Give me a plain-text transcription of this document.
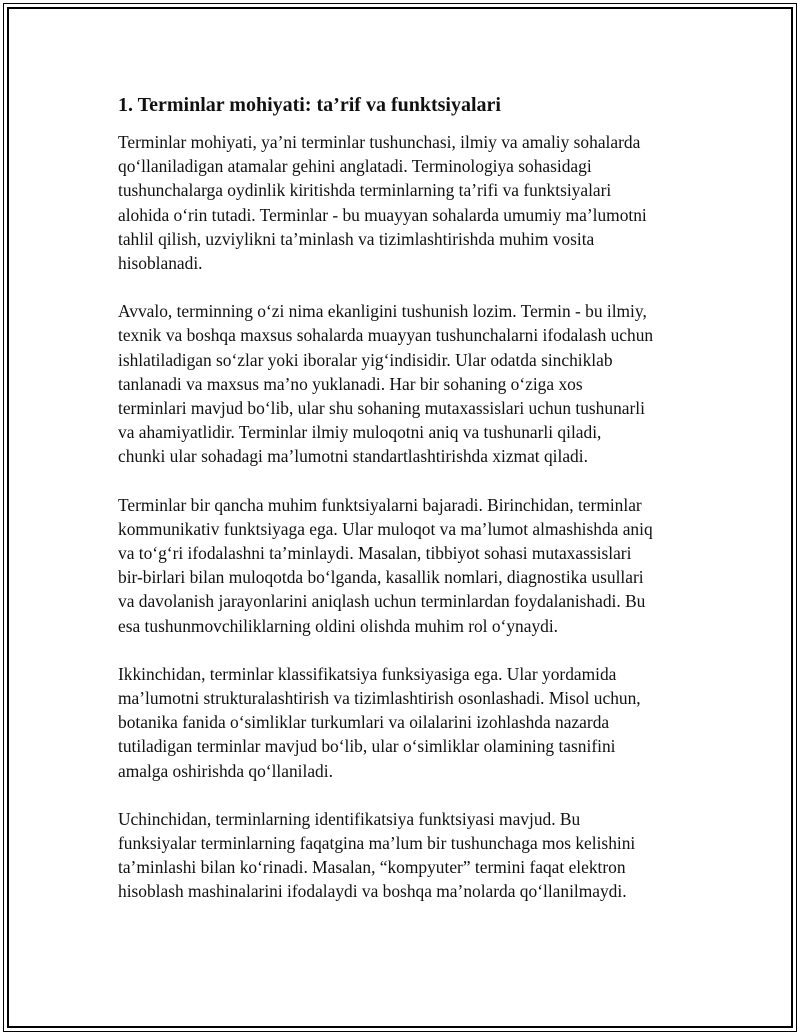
1. Terminlar mohiyati: ta’rif va funktsiyalari

Terminlar mohiyati, ya’ni terminlar tushunchasi, ilmiy va amaliy sohalarda
qo‘llaniladigan atamalar gehini anglatadi. Terminologiya sohasidagi
tushunchalarga oydinlik kiritishda terminlarning ta’rifi va funktsiyalari
alohida o‘rin tutadi. Terminlar - bu muayyan sohalarda umumiy ma’lumotni
tahlil qilish, uzviylikni ta’minlash va tizimlashtirishda muhim vosita
hisoblanadi.

Avvalo, terminning o‘zi nima ekanligini tushunish lozim. Termin - bu ilmiy,
texnik va boshqa maxsus sohalarda muayyan tushunchalarni ifodalash uchun
ishlatiladigan so‘zlar yoki iboralar yig‘indisidir. Ular odatda sinchiklab
tanlanadi va maxsus ma’no yuklanadi. Har bir sohaning o‘ziga xos
terminlari mavjud bo‘lib, ular shu sohaning mutaxassislari uchun tushunarli
va ahamiyatlidir. Terminlar ilmiy muloqotni aniq va tushunarli qiladi,
chunki ular sohadagi ma’lumotni standartlashtirishda xizmat qiladi.

Terminlar bir qancha muhim funktsiyalarni bajaradi. Birinchidan, terminlar
kommunikativ funktsiyaga ega. Ular muloqot va ma’lumot almashishda aniq
va to‘g‘ri ifodalashni ta’minlaydi. Masalan, tibbiyot sohasi mutaxassislari
bir-birlari bilan muloqotda bo‘lganda, kasallik nomlari, diagnostika usullari
va davolanish jarayonlarini aniqlash uchun terminlardan foydalanishadi. Bu
esa tushunmovchiliklarning oldini olishda muhim rol o‘ynaydi.

Ikkinchidan, terminlar klassifikatsiya funksiyasiga ega. Ular yordamida
ma’lumotni strukturalashtirish va tizimlashtirish osonlashadi. Misol uchun,
botanika fanida o‘simliklar turkumlari va oilalarini izohlashda nazarda
tutiladigan terminlar mavjud bo‘lib, ular o‘simliklar olamining tasnifini
amalga oshirishda qo‘llaniladi.

Uchinchidan, terminlarning identifikatsiya funktsiyasi mavjud. Bu
funksiyalar terminlarning faqatgina ma’lum bir tushunchaga mos kelishini
ta’minlashi bilan ko‘rinadi. Masalan, “kompyuter” termini faqat elektron
hisoblash mashinalarini ifodalaydi va boshqa ma’nolarda qo‘llanilmaydi.
